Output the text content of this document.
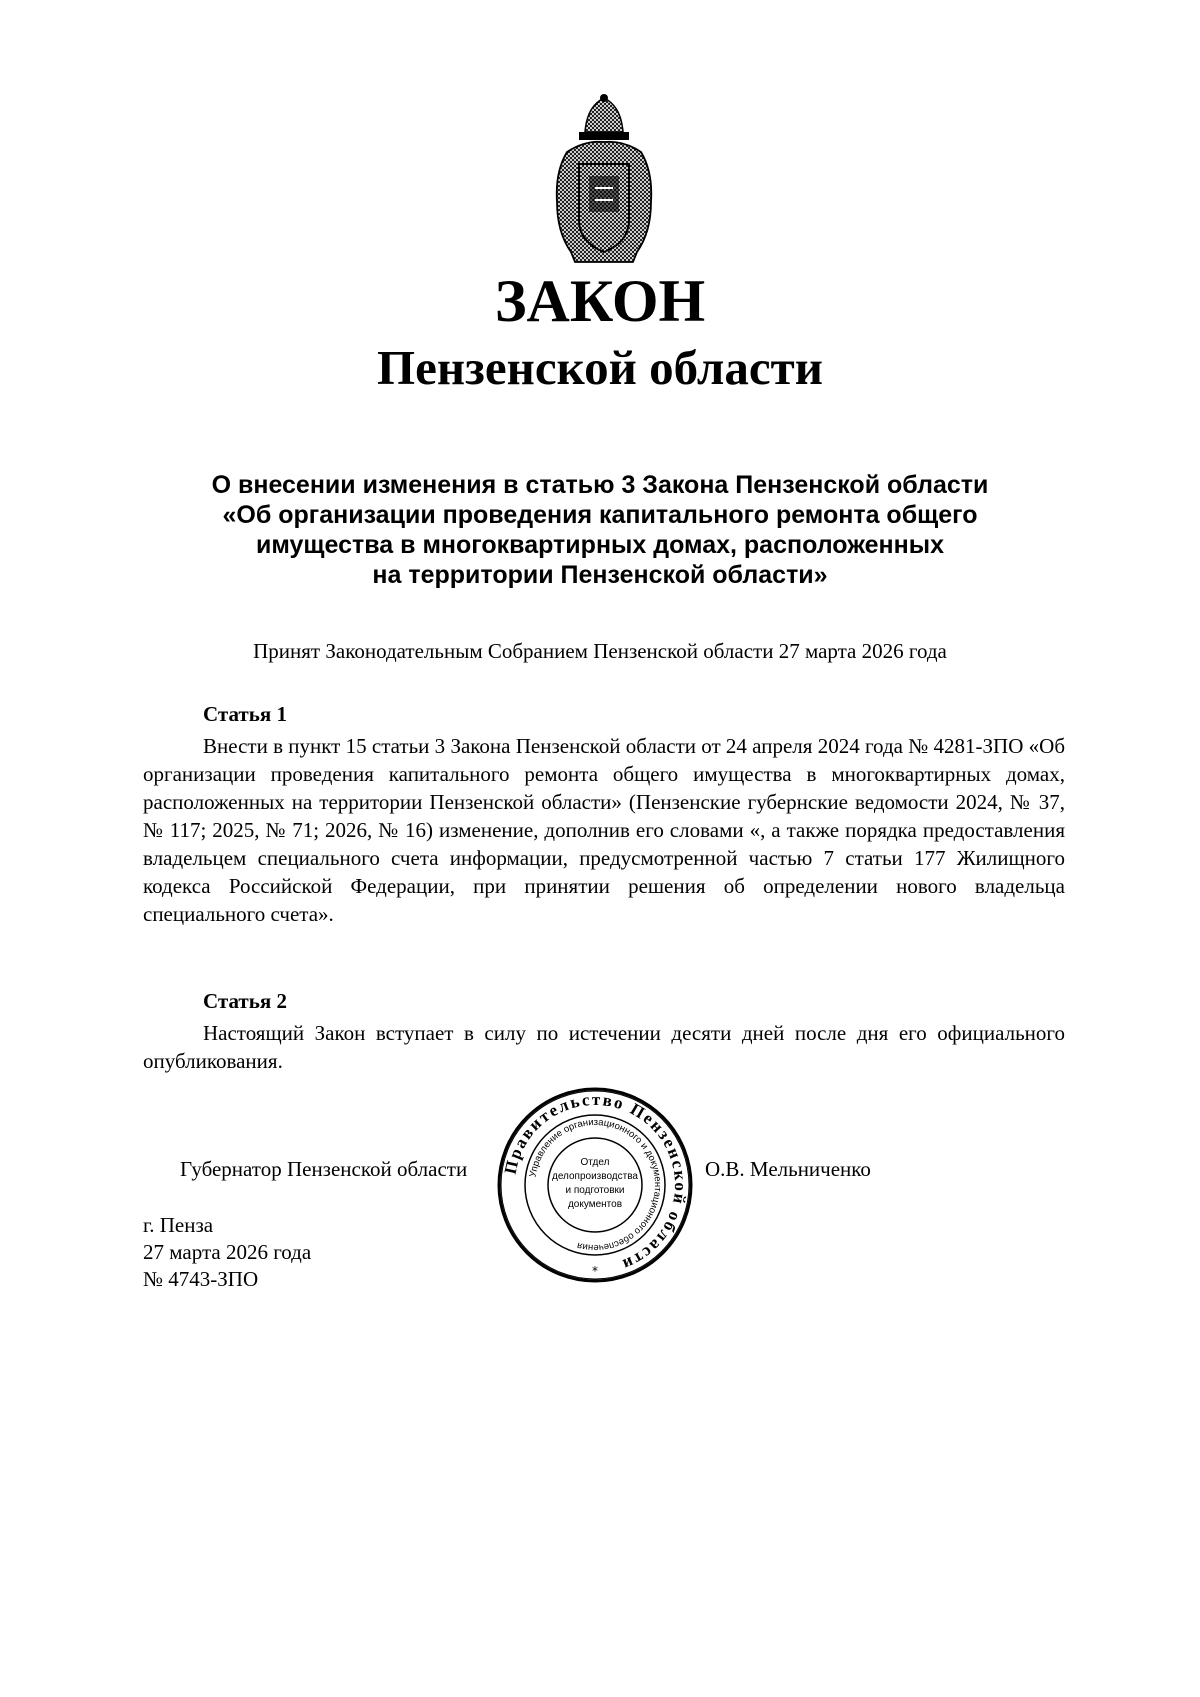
ЗАКОН
Пензенской области
О внесении изменения в статью 3 Закона Пензенской области
«Об организации проведения капитального ремонта общего
имущества в многоквартирных домах, расположенных
на территории Пензенской области»
Принят Законодательным Собранием Пензенской области 27 марта 2026 года
Статья 1

Внести в пункт 15 статьи 3 Закона Пензенской области от 24 апреля 2024 года № 4281-ЗПО «Об организации проведения капитального ремонта общего имущества в многоквартирных домах, расположенных на территории Пензенской области» (Пензенские губернские ведомости 2024, № 37, № 117; 2025, № 71; 2026, № 16) изменение, дополнив его словами «, а также порядка предоставления владельцем специального счета информации, предусмотренной частью 7 статьи 177 Жилищного кодекса Российской Федерации, при принятии решения об определении нового владельца специального счета».

Статья 2

Настоящий Закон вступает в силу по истечении десяти дней после дня его официального опубликования.

Губернатор Пензенской области	О.В. Мельниченко
г. Пенза
27 марта 2026 года
№ 4743-ЗПО
Правительство Пензенской области
Управление организационного и документационного обеспечения
Отдел
делопроизводства
и подготовки
документов
*
